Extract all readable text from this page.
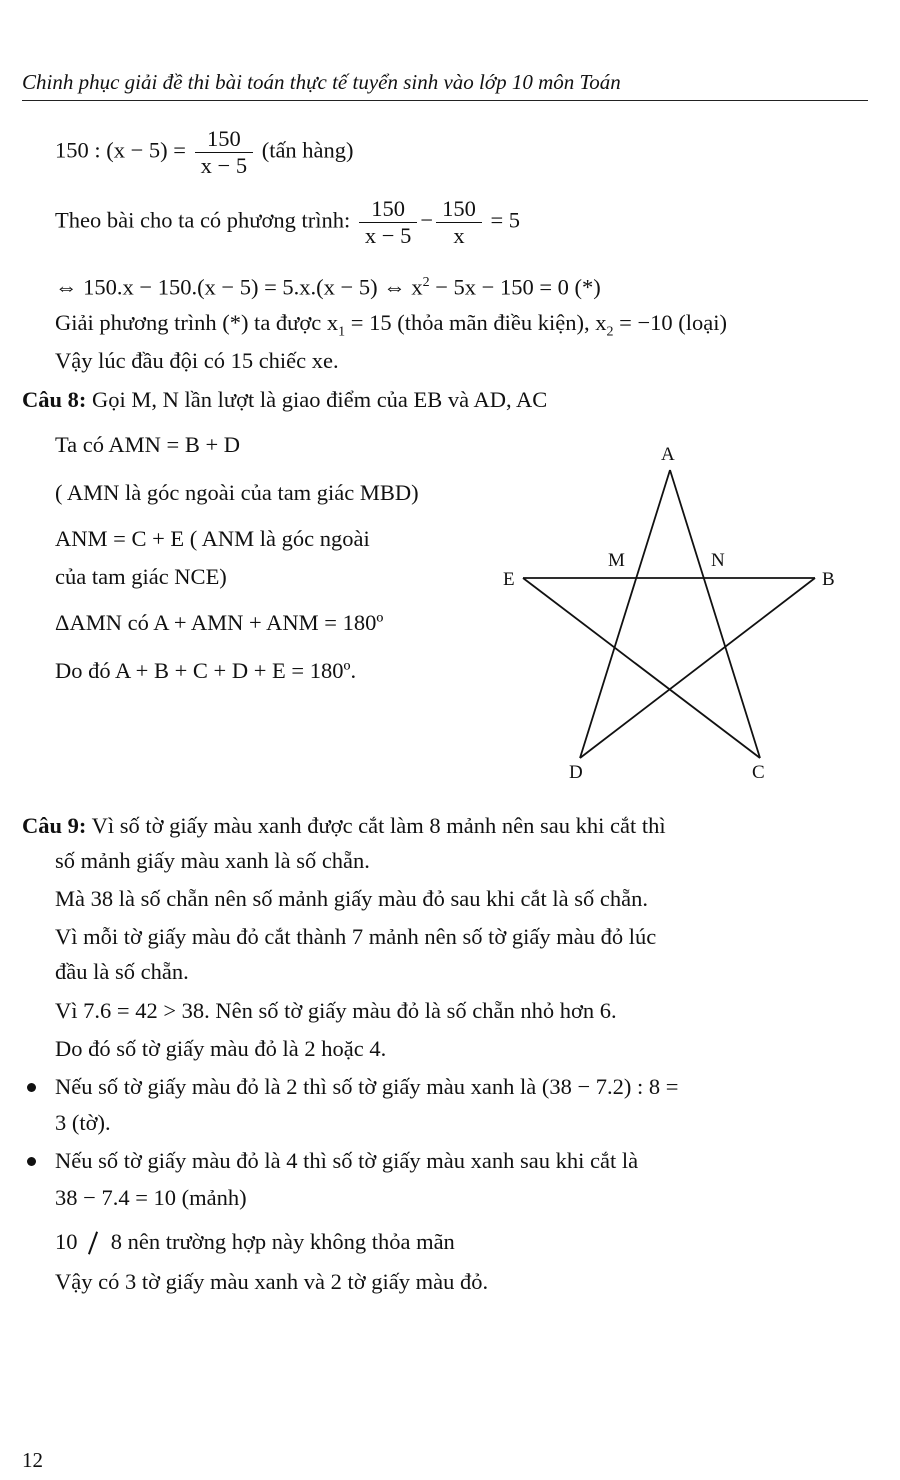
Chinh phục giải đề thi bài toán thực tế tuyển sinh vào lớp 10 môn Toán
150 : $(x - 5) = \frac{150}{x - 5}$ (tấn hàng)
Theo bài cho ta có phương trình: $\frac{150}{x - 5} - \frac{150}{x} = 5$
⇔ 150.x − 150.(x − 5) = 5.x.(x − 5) ⇔ $x^2 - 5x - 150 = 0$ (*)
Giải phương trình (*) ta được $x_1 = 15$ (thỏa mãn điều kiện), $x_2 = -10$ (loại)
Vậy lúc đầu đội có 15 chiếc xe.
Câu 8: Gọi M, N lần lượt là giao điểm của EB và AD, AC
Ta có AMN = B + D
( AMN là góc ngoài của tam giác MBD)
ANM = C + E ( ANM là góc ngoài
của tam giác NCE)
ΔAMN có A + AMN + ANM = 180º
Do đó A + B + C + D + E = 180º.
A
E	B
M	N
D	C
Câu 9: Vì số tờ giấy màu xanh được cắt làm 8 mảnh nên sau khi cắt thì
số mảnh giấy màu xanh là số chẵn.
Mà 38 là số chẵn nên số mảnh giấy màu đỏ sau khi cắt là số chẵn.
Vì mỗi tờ giấy màu đỏ cắt thành 7 mảnh nên số tờ giấy màu đỏ lúc
đầu là số chẵn.
Vì 7.6 = 42 > 38. Nên số tờ giấy màu đỏ là số chẵn nhỏ hơn 6.
Do đó số tờ giấy màu đỏ là 2 hoặc 4.
Nếu số tờ giấy màu đỏ là 2 thì số tờ giấy màu xanh là (38 − 7.2) : 8 =
3 (tờ).
Nếu số tờ giấy màu đỏ là 4 thì số tờ giấy màu xanh sau khi cắt là
38 − 7.4 = 10 (mảnh)
10 8 nên trường hợp này không thỏa mãn
Vậy có 3 tờ giấy màu xanh và 2 tờ giấy màu đỏ.
12
